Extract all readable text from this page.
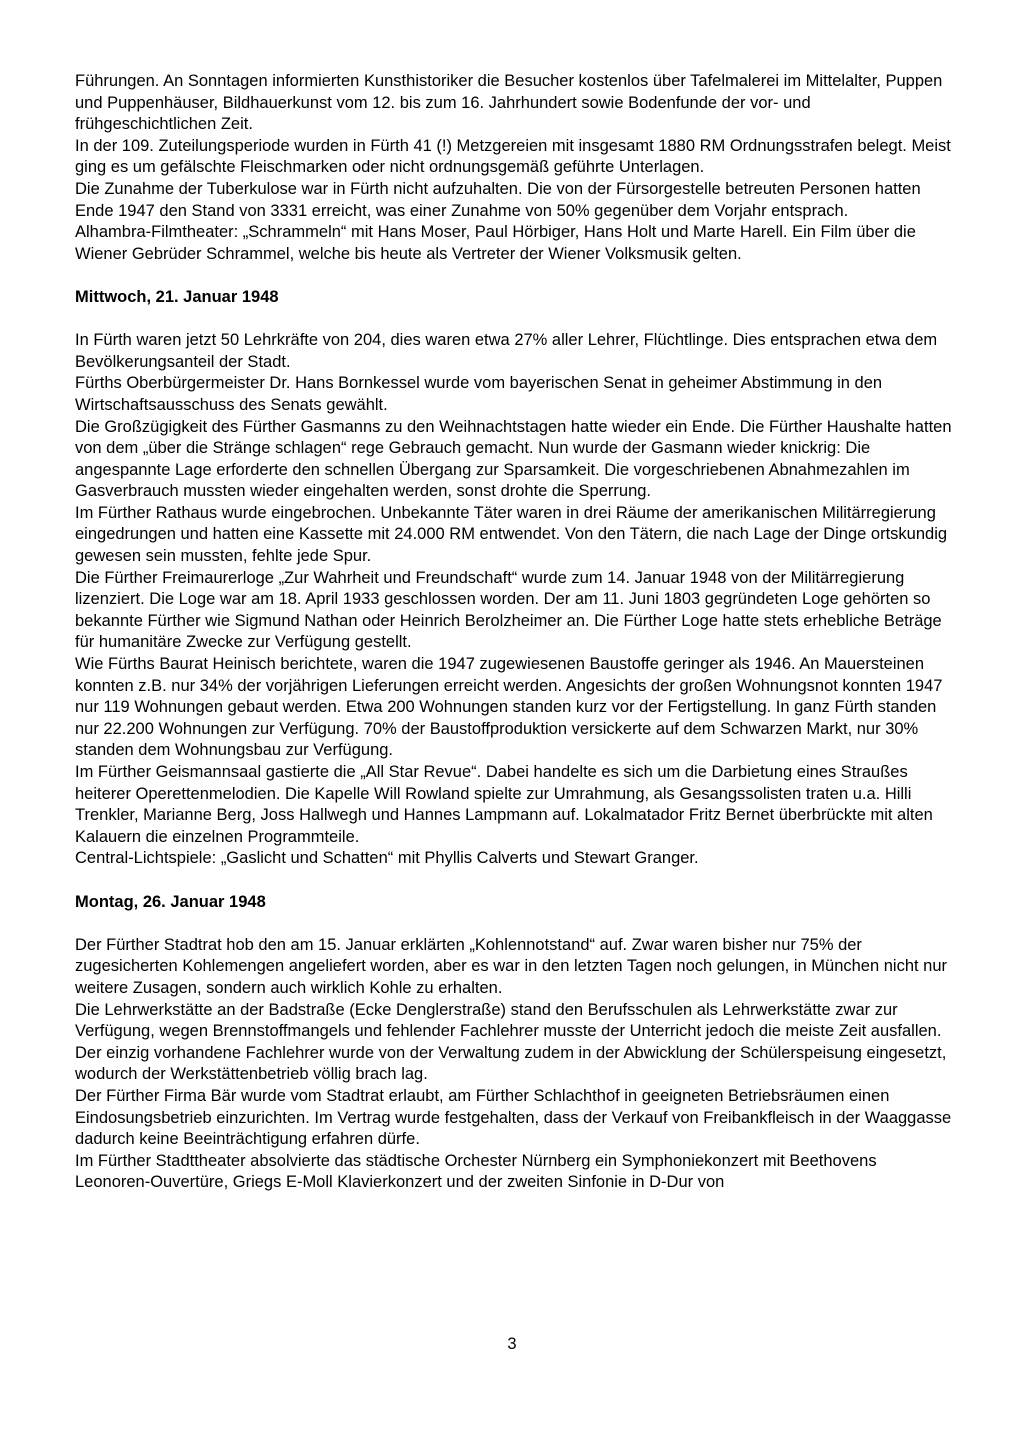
Führungen. An Sonntagen informierten Kunsthistoriker die Besucher kostenlos über Tafelmalerei im Mittelalter, Puppen und Puppenhäuser, Bildhauerkunst vom 12. bis zum 16. Jahrhundert sowie Bodenfunde der vor- und frühgeschichtlichen Zeit.

In der 109. Zuteilungsperiode wurden in Fürth 41 (!) Metzgereien mit insgesamt 1880 RM Ordnungsstrafen belegt. Meist ging es um gefälschte Fleischmarken oder nicht ordnungsgemäß geführte Unterlagen.

Die Zunahme der Tuberkulose war in Fürth nicht aufzuhalten. Die von der Fürsorgestelle betreuten Personen hatten Ende 1947 den Stand von 3331 erreicht, was einer Zunahme von 50% gegenüber dem Vorjahr entsprach.

Alhambra-Filmtheater: „Schrammeln“ mit Hans Moser, Paul Hörbiger, Hans Holt und Marte Harell. Ein Film über die Wiener Gebrüder Schrammel, welche bis heute als Vertreter der Wiener Volksmusik gelten.

Mittwoch, 21. Januar 1948

In Fürth waren jetzt 50 Lehrkräfte von 204, dies waren etwa 27% aller Lehrer, Flüchtlinge. Dies entsprachen etwa dem Bevölkerungsanteil der Stadt.

Fürths Oberbürgermeister Dr. Hans Bornkessel wurde vom bayerischen Senat in geheimer Abstimmung in den Wirtschaftsausschuss des Senats gewählt.

Die Großzügigkeit des Fürther Gasmanns zu den Weihnachtstagen hatte wieder ein Ende. Die Fürther Haushalte hatten von dem „über die Stränge schlagen“ rege Gebrauch gemacht. Nun wurde der Gasmann wieder knickrig: Die angespannte Lage erforderte den schnellen Übergang zur Sparsamkeit. Die vorgeschriebenen Abnahmezahlen im Gasverbrauch mussten wieder eingehalten werden, sonst drohte die Sperrung.

Im Fürther Rathaus wurde eingebrochen. Unbekannte Täter waren in drei Räume der amerikanischen Militärregierung eingedrungen und hatten eine Kassette mit 24.000 RM entwendet. Von den Tätern, die nach Lage der Dinge ortskundig gewesen sein mussten, fehlte jede Spur.

Die Fürther Freimaurerloge „Zur Wahrheit und Freundschaft“ wurde zum 14. Januar 1948 von der Militärregierung lizenziert. Die Loge war am 18. April 1933 geschlossen worden. Der am 11. Juni 1803 gegründeten Loge gehörten so bekannte Fürther wie Sigmund Nathan oder Heinrich Berolzheimer an. Die Fürther Loge hatte stets erhebliche Beträge für humanitäre Zwecke zur Verfügung gestellt.

Wie Fürths Baurat Heinisch berichtete, waren die 1947 zugewiesenen Baustoffe geringer als 1946. An Mauersteinen konnten z.B. nur 34% der vorjährigen Lieferungen erreicht werden. Angesichts der großen Wohnungsnot konnten 1947 nur 119 Wohnungen gebaut werden. Etwa 200 Wohnungen standen kurz vor der Fertigstellung. In ganz Fürth standen nur 22.200 Wohnungen zur Verfügung. 70% der Baustoffproduktion versickerte auf dem Schwarzen Markt, nur 30% standen dem Wohnungsbau zur Verfügung.

Im Fürther Geismannsaal gastierte die „All Star Revue“. Dabei handelte es sich um die Darbietung eines Straußes heiterer Operettenmelodien. Die Kapelle Will Rowland spielte zur Umrahmung, als Gesangssolisten traten u.a. Hilli Trenkler, Marianne Berg, Joss Hallwegh und Hannes Lampmann auf. Lokalmatador Fritz Bernet überbrückte mit alten Kalauern die einzelnen Programmteile.

Central-Lichtspiele: „Gaslicht und Schatten“ mit Phyllis Calverts und Stewart Granger.

Montag, 26. Januar 1948

Der Fürther Stadtrat hob den am 15. Januar erklärten „Kohlennotstand“ auf. Zwar waren bisher nur 75% der zugesicherten Kohlemengen angeliefert worden, aber es war in den letzten Tagen noch gelungen, in München nicht nur weitere Zusagen, sondern auch wirklich Kohle zu erhalten.

Die Lehrwerkstätte an der Badstraße (Ecke Denglerstraße) stand den Berufsschulen als Lehrwerkstätte zwar zur Verfügung, wegen Brennstoffmangels und fehlender Fachlehrer musste der Unterricht jedoch die meiste Zeit ausfallen. Der einzig vorhandene Fachlehrer wurde von der Verwaltung zudem in der Abwicklung der Schülerspeisung eingesetzt, wodurch der Werkstättenbetrieb völlig brach lag.

Der Fürther Firma Bär wurde vom Stadtrat erlaubt, am Fürther Schlachthof in geeigneten Betriebsräumen einen Eindosungsbetrieb einzurichten. Im Vertrag wurde festgehalten, dass der Verkauf von Freibankfleisch in der Waaggasse dadurch keine Beeinträchtigung erfahren dürfe.

Im Fürther Stadttheater absolvierte das städtische Orchester Nürnberg ein Symphoniekonzert mit Beethovens Leonoren-Ouvertüre, Griegs E-Moll Klavierkonzert und der zweiten Sinfonie in D-Dur von

3
